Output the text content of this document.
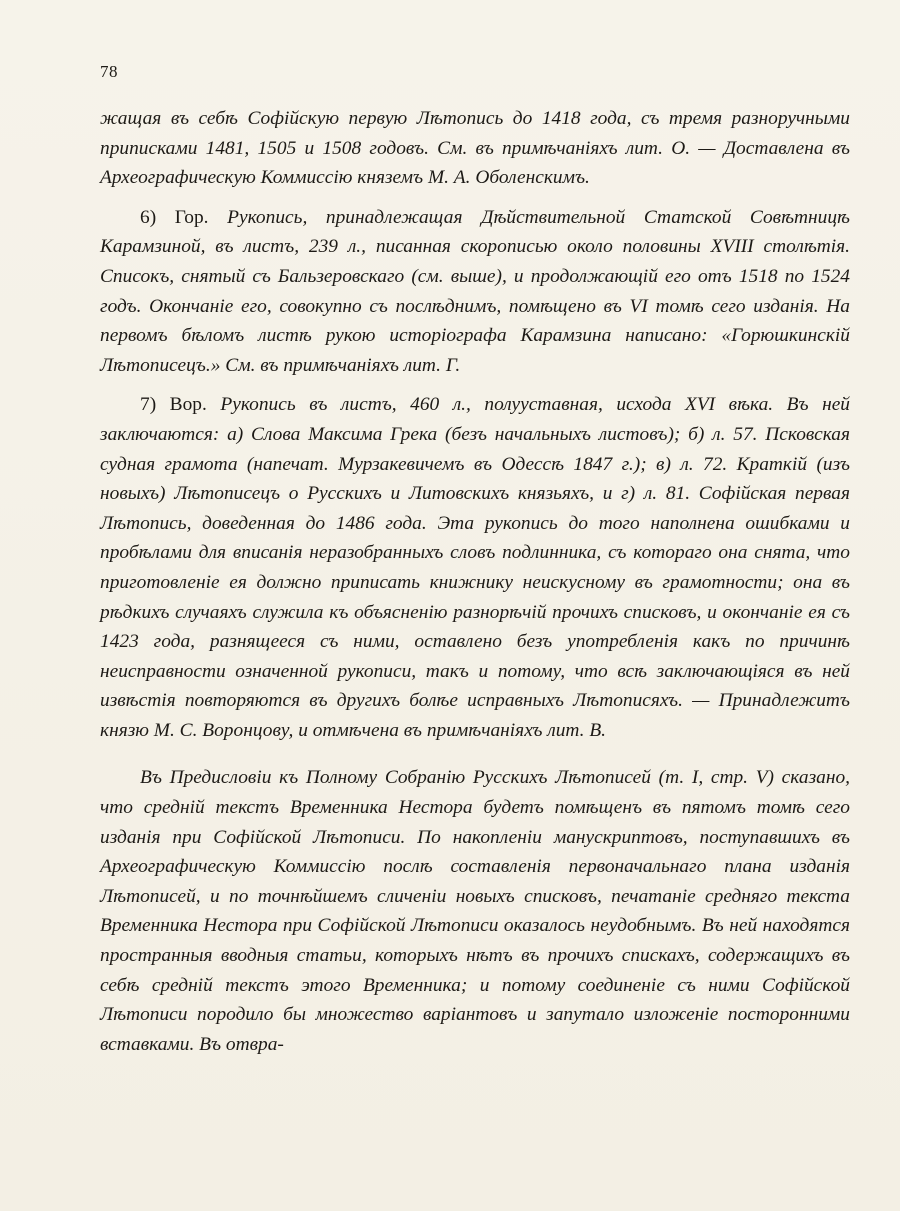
78

жащая въ себѣ Софійскую первую Лѣтопись до 1418 года, съ тремя разноручными приписками 1481, 1505 и 1508 годовъ. См. въ примѣчаніяхъ лит. О. — Доставлена въ Археографическую Коммиссію княземъ М. А. Оболенскимъ.

6) Гор. Рукопись, принадлежащая Дѣйствительной Статской Совѣтницѣ Карамзиной, въ листъ, 239 л., писанная скорописью около половины XVIII столѣтія. Списокъ, снятый съ Бальзеровскаго (см. выше), и продолжающій его отъ 1518 по 1524 годъ. Окончаніе его, совокупно съ послѣднимъ, помѣщено въ VI томѣ сего изданія. На первомъ бѣломъ листѣ рукою исторіографа Карамзина написано: «Горюшкинскій Лѣтописецъ.» См. въ примѣчаніяхъ лит. Г.

7) Вор. Рукопись въ листъ, 460 л., полууставная, исхода XVI вѣка. Въ ней заключаются: а) Слова Максима Грека (безъ начальныхъ листовъ); б) л. 57. Псковская судная грамота (напечат. Мурзакевичемъ въ Одессѣ 1847 г.); в) л. 72. Краткій (изъ новыхъ) Лѣтописецъ о Русскихъ и Литовскихъ князьяхъ, и г) л. 81. Софійская первая Лѣтопись, доведенная до 1486 года. Эта рукопись до того наполнена ошибками и пробѣлами для вписанія неразобранныхъ словъ подлинника, съ котораго она снята, что приготовленіе ея должно приписать книжнику неискусному въ грамотности; она въ рѣдкихъ случаяхъ служила къ объясненію разнорѣчій прочихъ списковъ, и окончаніе ея съ 1423 года, разнящееся съ ними, оставлено безъ употребленія какъ по причинѣ неисправности означенной рукописи, такъ и потому, что всѣ заключающіяся въ ней извѣстія повторяются въ другихъ болѣе исправныхъ Лѣтописяхъ. — Принадлежитъ князю М. С. Воронцову, и отмѣчена въ примѣчаніяхъ лит. В.

Въ Предисловіи къ Полному Собранію Русскихъ Лѣтописей (т. I, стр. V) сказано, что средній текстъ Временника Нестора будетъ помѣщенъ въ пятомъ томѣ сего изданія при Софійской Лѣтописи. По накопленіи манускриптовъ, поступавшихъ въ Археографическую Коммиссію послѣ составленія первоначальнаго плана изданія Лѣтописей, и по точнѣйшемъ сличеніи новыхъ списковъ, печатаніе средняго текста Временника Нестора при Софійской Лѣтописи оказалось неудобнымъ. Въ ней находятся пространныя вводныя статьи, которыхъ нѣтъ въ прочихъ спискахъ, содержащихъ въ себѣ средній текстъ этого Временника; и потому соединеніе съ ними Софійской Лѣтописи породило бы множество варіантовъ и запутало изложеніе посторонними вставками. Въ отвра-
